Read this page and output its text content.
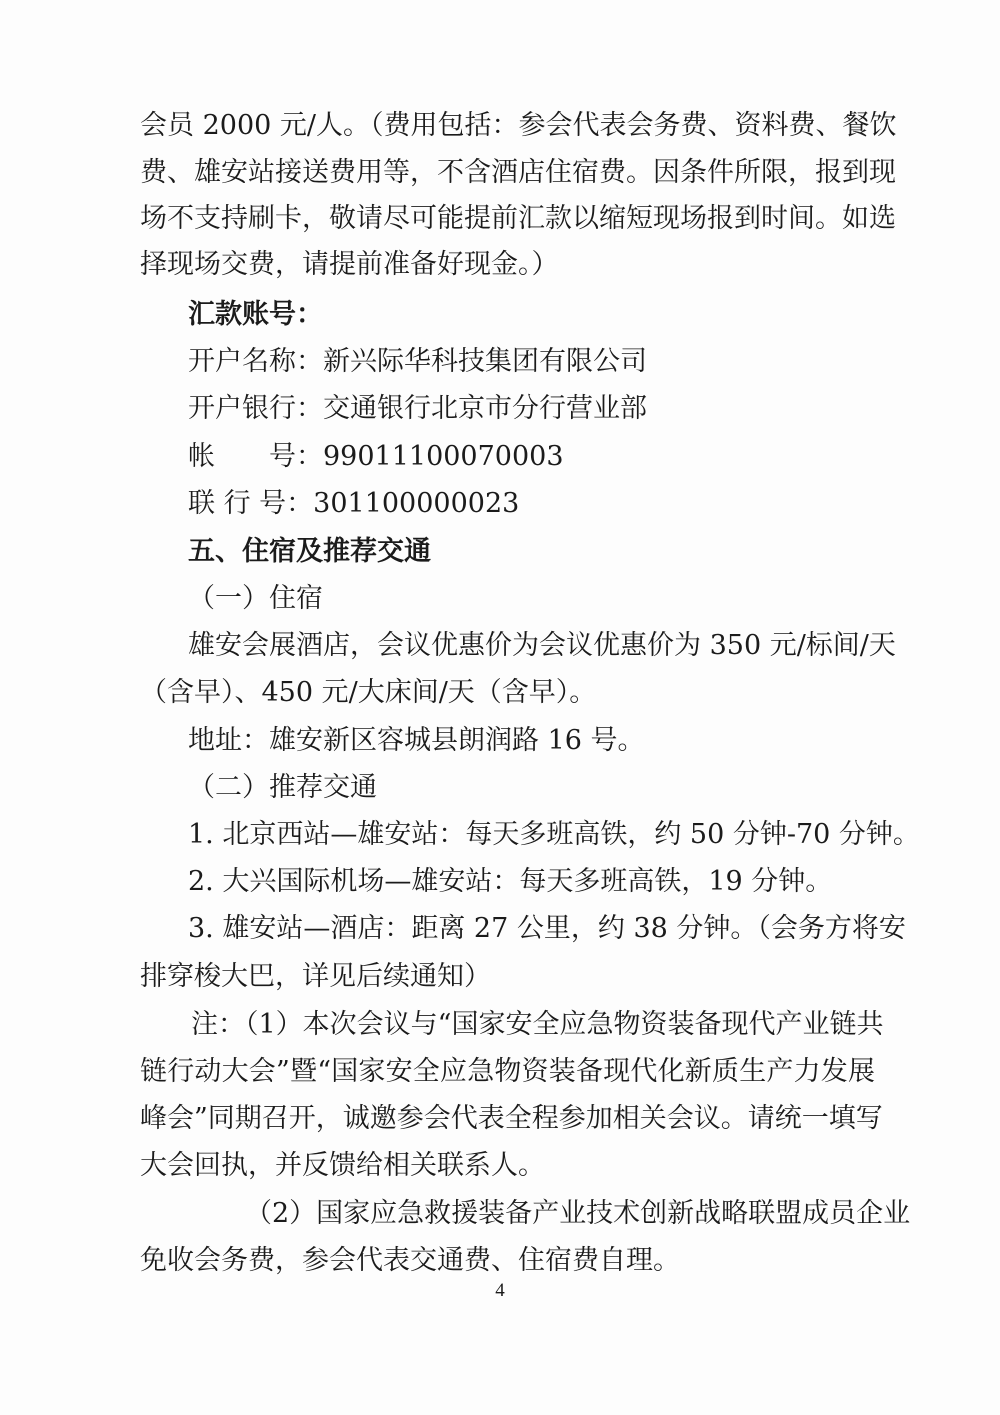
会员 2000 元/人。（费用包括：参会代表会务费、资料费、餐饮
费、雄安站接送费用等，不含酒店住宿费。因条件所限，报到现
场不支持刷卡，敬请尽可能提前汇款以缩短现场报到时间。如选
择现场交费，请提前准备好现金。）
汇款账号：
开户名称：新兴际华科技集团有限公司
开户银行：交通银行北京市分行营业部
帐 号：99011100070003
联 行 号：301100000023
五、住宿及推荐交通
（一）住宿
雄安会展酒店，会议优惠价为会议优惠价为 350 元/标间/天
（含早）、450 元/大床间/天（含早）。
地址：雄安新区容城县朗润路 16 号。
（二）推荐交通
1. 北京西站—雄安站：每天多班高铁，约 50 分钟-70 分钟。
2. 大兴国际机场—雄安站：每天多班高铁，19 分钟。
3. 雄安站—酒店：距离 27 公里，约 38 分钟。（会务方将安
排穿梭大巴，详见后续通知）
注：（1）本次会议与“国家安全应急物资装备现代产业链共
链行动大会”暨“国家安全应急物资装备现代化新质生产力发展
峰会”同期召开，诚邀参会代表全程参加相关会议。请统一填写
大会回执，并反馈给相关联系人。
（2）国家应急救援装备产业技术创新战略联盟成员企业
免收会务费，参会代表交通费、住宿费自理。
4
